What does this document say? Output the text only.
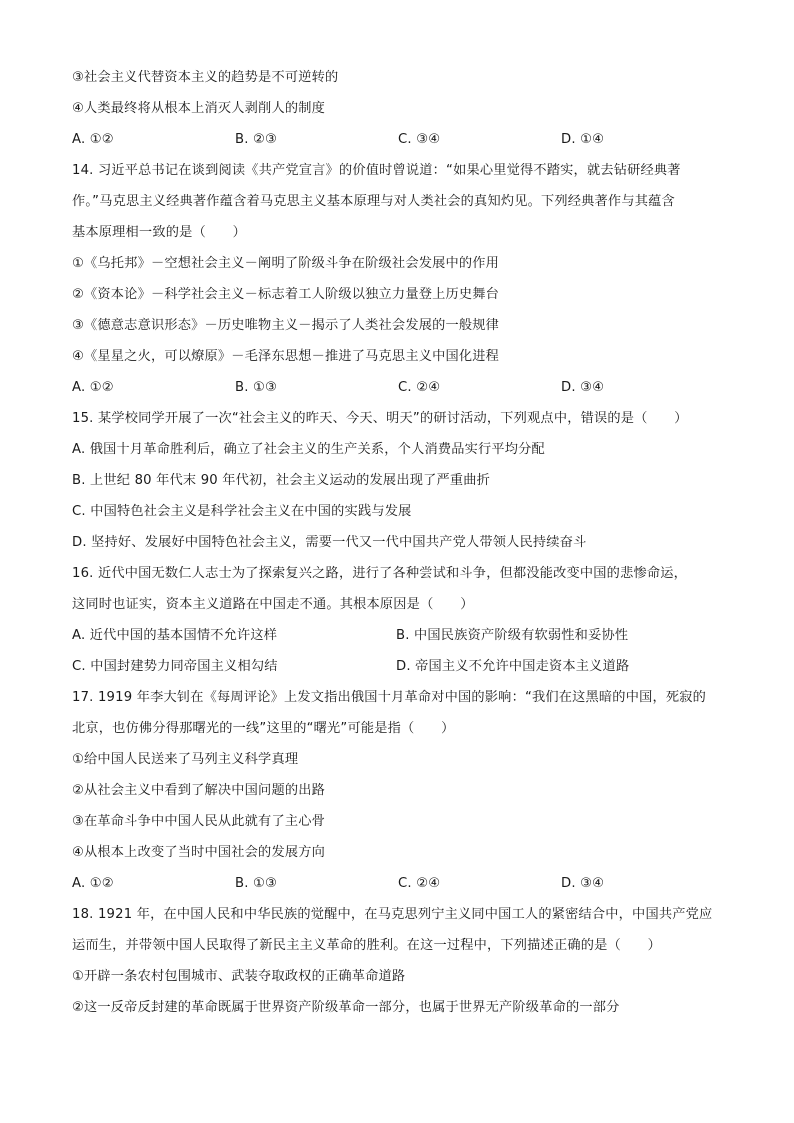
③社会主义代替资本主义的趋势是不可逆转的
④人类最终将从根本上消灭人剥削人的制度
A. ①②	B. ②③	C. ③④	D. ①④
14. 习近平总书记在谈到阅读《共产党宣言》的价值时曾说道：“如果心里觉得不踏实，就去钻研经典著
作。”马克思主义经典著作蕴含着马克思主义基本原理与对人类社会的真知灼见。下列经典著作与其蕴含
基本原理相一致的是（　　）
①《乌托邦》－空想社会主义－阐明了阶级斗争在阶级社会发展中的作用
②《资本论》－科学社会主义－标志着工人阶级以独立力量登上历史舞台
③《德意志意识形态》－历史唯物主义－揭示了人类社会发展的一般规律
④《星星之火，可以燎原》－毛泽东思想－推进了马克思主义中国化进程
A. ①②	B. ①③	C. ②④	D. ③④
15. 某学校同学开展了一次“社会主义的昨天、今天、明天”的研讨活动，下列观点中，错误的是（　　）
A. 俄国十月革命胜利后，确立了社会主义的生产关系，个人消费品实行平均分配
B. 上世纪 80 年代末 90 年代初，社会主义运动的发展出现了严重曲折
C. 中国特色社会主义是科学社会主义在中国的实践与发展
D. 坚持好、发展好中国特色社会主义，需要一代又一代中国共产党人带领人民持续奋斗
16. 近代中国无数仁人志士为了探索复兴之路，进行了各种尝试和斗争，但都没能改变中国的悲惨命运，
这同时也证实，资本主义道路在中国走不通。其根本原因是（　　）
A. 近代中国的基本国情不允许这样	B. 中国民族资产阶级有软弱性和妥协性
C. 中国封建势力同帝国主义相勾结	D. 帝国主义不允许中国走资本主义道路
17. 1919 年李大钊在《每周评论》上发文指出俄国十月革命对中国的影响：“我们在这黑暗的中国，死寂的
北京，也仿佛分得那曙光的一线”这里的“曙光”可能是指（　　）
①给中国人民送来了马列主义科学真理
②从社会主义中看到了解决中国问题的出路
③在革命斗争中中国人民从此就有了主心骨
④从根本上改变了当时中国社会的发展方向
A. ①②	B. ①③	C. ②④	D. ③④
18. 1921 年，在中国人民和中华民族的觉醒中，在马克思列宁主义同中国工人的紧密结合中，中国共产党应
运而生，并带领中国人民取得了新民主主义革命的胜利。在这一过程中，下列描述正确的是（　　）
①开辟一条农村包围城市、武装夺取政权的正确革命道路
②这一反帝反封建的革命既属于世界资产阶级革命一部分，也属于世界无产阶级革命的一部分
